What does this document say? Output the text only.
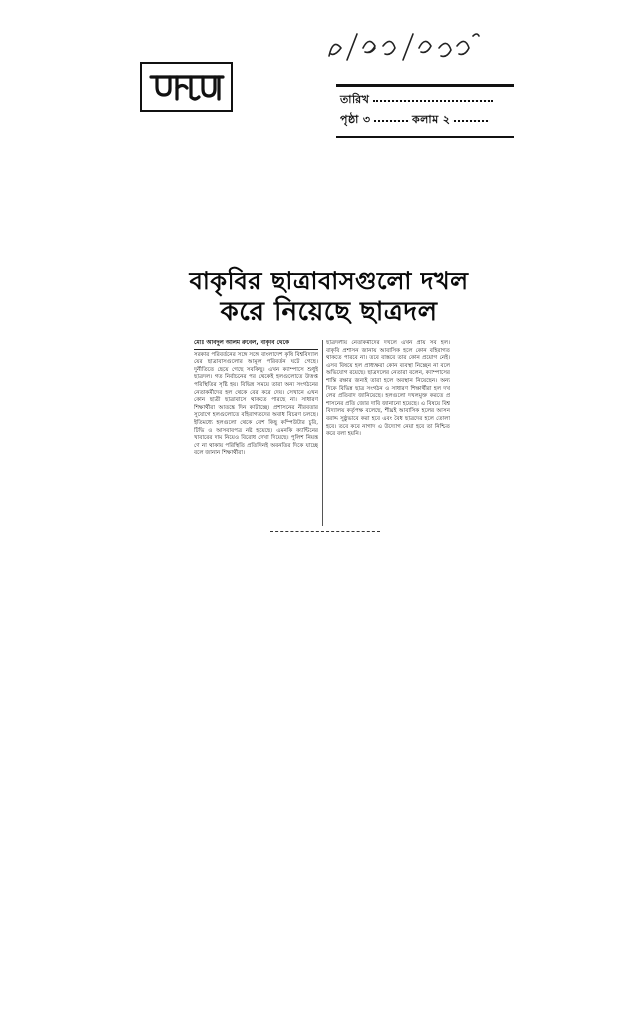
তারিখ
পৃষ্ঠা ৩	কলাম ২
বাকৃবির ছাত্রাবাসগুলো দখল
করে নিয়েছে ছাত্রদল
মোঃ আবদুল আলম রুবেল, বাকৃবি থেকে
সরকার পরিবর্তনের সঙ্গে সঙ্গে বাংলাদেশ কৃষি বিশ্ববিদ্যালয়ের ছাত্রাবাসগুলোর আমূল পরিবর্তন ঘটে গেছে। দুর্নীতিতে ছেয়ে গেছে সবকিছু। এখন ক্যাম্পাসে শুধুই ছাত্রদল। গত নির্বাচনের পর থেকেই হলগুলোতে উত্তপ্ত পরিস্থিতির সৃষ্টি হয়। বিভিন্ন সময়ে তারা অন্য সংগঠনের নেতাকর্মীদের হল থেকে বের করে দেয়। সেখানে এখন কোন ছাত্রী ছাত্রাবাসে থাকতে পারছে না। সাধারণ শিক্ষার্থীরা আতঙ্কে দিন কাটাচ্ছে। প্রশাসনের নীরবতার সুযোগে হলগুলোতে বহিরাগতদের অবাধ বিচরণ চলছে। ইতিমধ্যে হলগুলো থেকে বেশ কিছু কম্পিউটার চুরি, টিভি ও আসবাবপত্র নষ্ট হয়েছে। এমনকি ক্যান্টিনের খাবারের দাম নিয়েও বিরোধ দেখা দিয়েছে। পুলিশ নিয়ন্ত্রণে না থাকায় পরিস্থিতি প্রতিদিনই অবনতির দিকে যাচ্ছে বলে জানান শিক্ষার্থীরা।
ছাত্রদলীয় নেতাকর্মীদের দখলে এখন প্রায় সব হল। বাকৃবি প্রশাসন জানায় আবাসিক হলে কোন বহিরাগত থাকতে পারবে না। তবে বাস্তবে তার কোন প্রয়োগ নেই। এসব বিষয়ে হল প্রাধ্যক্ষরা কোন ব্যবস্থা নিচ্ছেন না বলে অভিযোগ রয়েছে। ছাত্রদলের নেতারা বলেন, ক্যাম্পাসের শান্তি রক্ষার জন্যই তারা হলে অবস্থান নিয়েছেন। অন্যদিকে বিভিন্ন ছাত্র সংগঠন ও সাধারণ শিক্ষার্থীরা হল দখলের প্রতিবাদ জানিয়েছে। হলগুলো দখলমুক্ত করতে প্রশাসনের প্রতি জোর দাবি জানানো হয়েছে। এ বিষয়ে বিশ্ববিদ্যালয় কর্তৃপক্ষ বলেছে, শীঘ্রই আবাসিক হলের আসন বরাদ্দ সুষ্ঠুভাবে করা হবে এবং বৈধ ছাত্রদের হলে তোলা হবে। তবে কবে নাগাদ এ উদ্যোগ নেয়া হবে তা নিশ্চিত করে বলা হয়নি।
